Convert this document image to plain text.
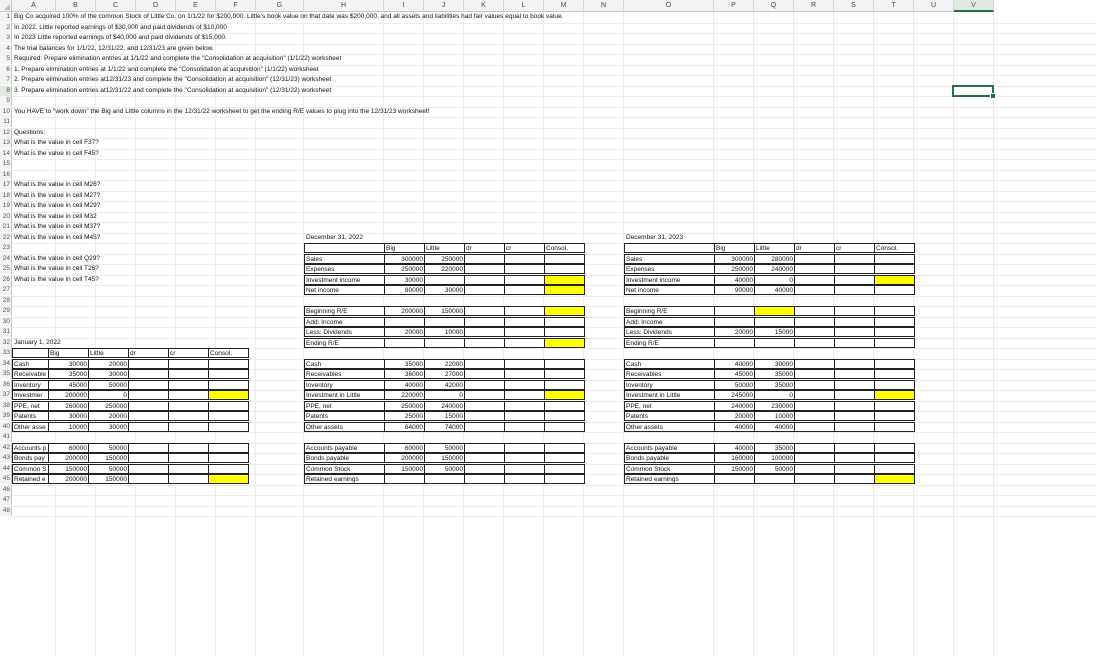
A	B	C	D	E	F	G	H	I	J	K	L	M	N	O	P	Q	R	S	T	U	V
1
2
3
4
5
6
7
8
9
10
11
12
13
14
15
16
17
18
19
20
21
22
23
24
25
26
27
28
29
30
31
32
33
34
35
36
37
38
39
40
41
42
43
44
45
46
47
48
Big Co acquired 100% of the common Stock of Little Co. on 1/1/22 for $200,000. Little's book value on that date was $200,000, and all assets and liabilities had fair values equal to book value.
In 2022, Little reported earnings of $30,000 and paid dividends of $10,000
In 2023 Little reported earnings of $40,000 and paid dividends of $15,000.
The trial balances for 1/1/22, 12/31/22, and 12/31/23 are given below.
Required: Prepare elimination entries at 1/1/22 and complete the "Consolidation at acquisition" (1/1/22) worksheet
1. Prepare elimination entries at 1/1/22 and complete the "Consolidation at acquisition" (1/1/22) worksheet
2. Prepare elimination entries at12/31/23 and complete the "Consolidation at acquisition" (12/31/23) worksheet
3. Prepare elimination entries at12/31/22 and complete the "Consolidation at acquisition" (12/31/22) worksheet
You HAVE to "work down" the Big and Little columns in the 12/31/22 worksheet to get the ending R/E values to plug into the 12/31/23 worksheet!
Questions:
What is the value in cell F37?
What is the value in cell F45?
What is the value in cell M26?
What is the value in cell M27?
What is the value in cell M29?
What is the value in cell M32
What is the value in cell M37?
What is the value in cell M45?
What is the value in cell Q29?
What is the value in cell T26?
What is the value in cell T45?
January 1, 2022
Big	Little	dr	cr	Consol.
Cash	30000	20000
Receivable	35000	30000
Inventory	45000	50000
Investmer	200000	0
PPE, net	260000	250000
Patents	30000	20000
Other asse	10000	30000
Accounts p	60000	50000
Bonds pay	200000	150000
Common S	150000	50000
Retained e	200000	150000
December 31, 2022
Big	Little	dr	cr	Consol.
Sales	300000	250000
Expenses	250000	220000
Investment income	30000
Net income	80000	30000
Beginning R/E	200000	150000
Add: Income
Less: Dividends	20000	10000
Ending R/E
Cash	35000	22000
Receivables	36000	27000
Inventory	40000	42000
Investment in Little	220000	0
PPE, net	250000	240000
Patents	25000	15000
Other assets	64000	74000
Accounts payable	60000	50000
Bonds payable	200000	150000
Common Stock	150000	50000
Retained earnings
December 31, 2023
Big	Little	dr	cr	Consol.
Sales	300000	280000
Expenses	250000	240000
Investment income	40000	0
Net income	90000	40000
Beginning R/E
Add: Income
Less: Dividends	20000	15000
Ending R/E
Cash	40000	30000
Receivables	45000	35000
Inventory	50000	35000
Investment in Little	245000	0
PPE, net	240000	230000
Patents	20000	10000
Other assets	40000	40000
Accounts payable	40000	35000
Bonds payable	160000	100000
Common Stock	150000	50000
Retained earnings
